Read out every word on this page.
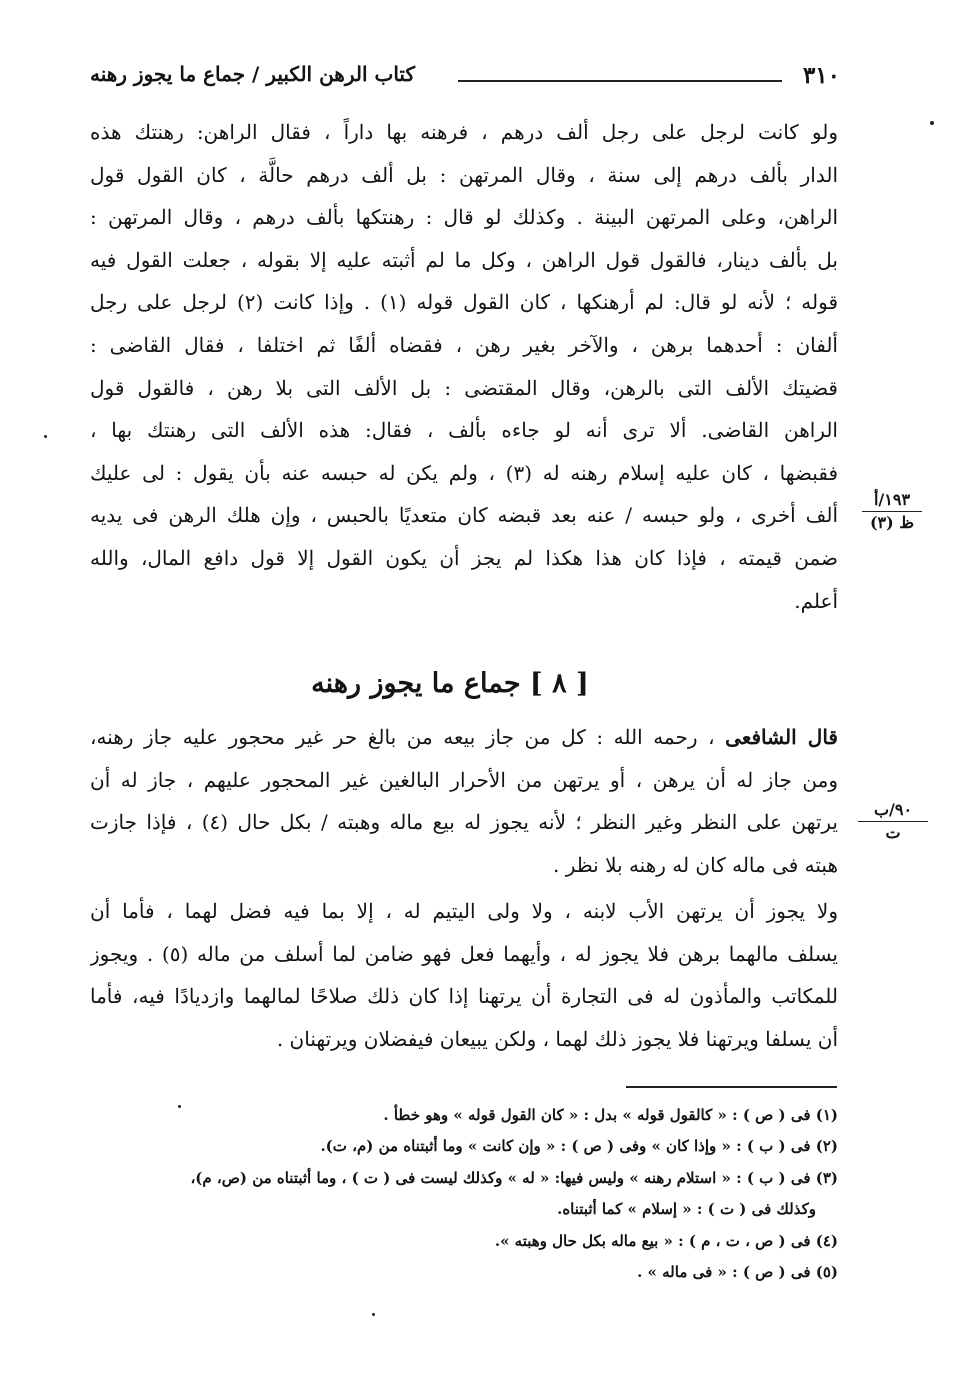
٣١٠
كتاب الرهن الكبير / جماع ما يجوز رهنه
ولو كانت لرجل على رجل ألف درهم ، فرهنه بها داراً ، فقال الراهن: رهنتك هذه
الدار بألف درهم إلى سنة ، وقال المرتهن : بل ألف درهم حالَّة ، كان القول قول
الراهن، وعلى المرتهن البينة . وكذلك لو قال : رهنتكها بألف درهم ، وقال المرتهن :
بل بألف دينار، فالقول قول الراهن ، وكل ما لم أثبته عليه إلا بقوله ، جعلت القول فيه
قوله ؛ لأنه لو قال: لم أرهنكها ، كان القول قوله (١) . وإذا كانت (٢) لرجل على رجل
ألفان : أحدهما برهن ، والآخر بغير رهن ، فقضاه ألفًا ثم اختلفا ، فقال القاضى :
قضيتك الألف التى بالرهن، وقال المقتضى : بل الألف التى بلا رهن ، فالقول قول
الراهن القاضى. ألا ترى أنه لو جاءه بألف ، فقال: هذه الألف التى رهنتك بها ،
فقبضها ، كان عليه إسلام رهنه له (٣) ، ولم يكن له حبسه عنه بأن يقول : لى عليك
ألف أخرى ، ولو حبسه / عنه بعد قبضه كان متعديًا بالحبس ، وإن هلك الرهن فى يديه
ضمن قيمته ، فإذا كان هذا هكذا لم يجز أن يكون القول إلا قول دافع المال، والله
أعلم.
١٩٣/أ
ظ (٣)
[ ٨ ] جماع ما يجوز رهنه
قال الشافعى ، رحمه الله : كل من جاز بيعه من بالغ حر غير محجور عليه جاز رهنه،
ومن جاز له أن يرهن ، أو يرتهن من الأحرار البالغين غير المحجور عليهم ، جاز له أن
يرتهن على النظر وغير النظر ؛ لأنه يجوز له بيع ماله وهبته / بكل حال (٤) ، فإذا جازت
هبته فى ماله كان له رهنه بلا نظر .
٩٠/ب
ت
ولا يجوز أن يرتهن الأب لابنه ، ولا ولى اليتيم له ، إلا بما فيه فضل لهما ، فأما أن
يسلف مالهما برهن فلا يجوز له ، وأيهما فعل فهو ضامن لما أسلف من ماله (٥) . ويجوز
للمكاتب والمأذون له فى التجارة أن يرتهنا إذا كان ذلك صلاحًا لمالهما وازديادًا فيه، فأما
أن يسلفا ويرتهنا فلا يجوز ذلك لهما ، ولكن يبيعان فيفضلان ويرتهنان .
(١) فى ( ص ) : « كالقول قوله » بدل : « كان القول قوله » وهو خطأ .
(٢) فى ( ب ) : « وإذا كان » وفى ( ص ) : « وإن كانت » وما أثبتناه من (م، ت).
(٣) فى ( ب ) : « استلام رهنه » وليس فيها: « له » وكذلك ليست فى ( ت ) ، وما أثبتناه من (ص، م)،
وكذلك فى ( ت ) : « إسلام » كما أثبتناه.
(٤) فى ( ص ، ت ، م ) : « بيع ماله بكل حال وهبته ».
(٥) فى ( ص ) : « فى ماله » .
